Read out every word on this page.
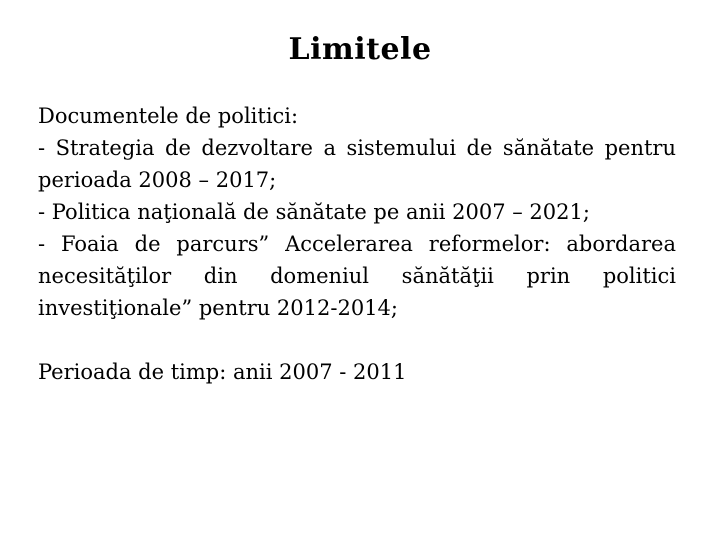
Limitele

Documentele de politici:

- Strategia de dezvoltare a sistemului de sănătate pentru perioada 2008 – 2017;

- Politica naţională de sănătate pe anii 2007 – 2021;

- Foaia de parcurs” Accelerarea reformelor: abordarea necesităţilor din domeniul sănătăţii prin politici investiţionale” pentru 2012-2014;

Perioada de timp: anii 2007 - 2011
